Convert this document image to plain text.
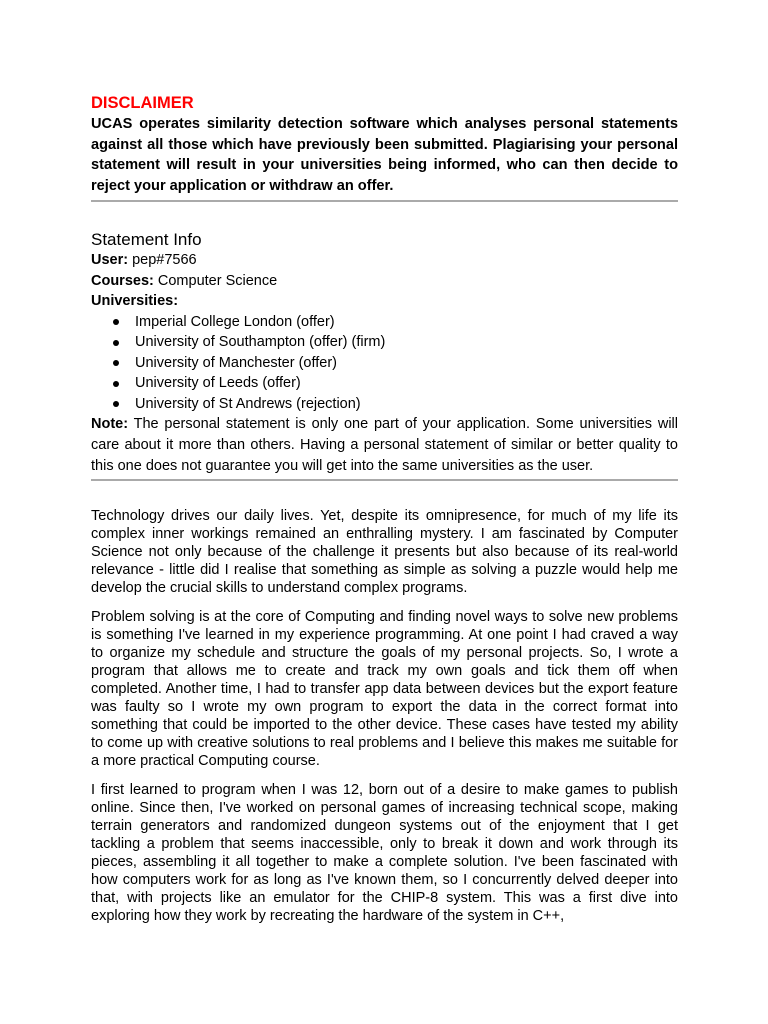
DISCLAIMER

UCAS operates similarity detection software which analyses personal statements against all those which have previously been submitted. Plagiarising your personal statement will result in your universities being informed, who can then decide to reject your application or withdraw an offer.

Statement Info

User: pep#7566

Courses: Computer Science

Universities:

Imperial College London (offer)
University of Southampton (offer) (firm)
University of Manchester (offer)
University of Leeds (offer)
University of St Andrews (rejection)

Note: The personal statement is only one part of your application. Some universities will care about it more than others. Having a personal statement of similar or better quality to this one does not guarantee you will get into the same universities as the user.

Technology drives our daily lives. Yet, despite its omnipresence, for much of my life its complex inner workings remained an enthralling mystery. I am fascinated by Computer Science not only because of the challenge it presents but also because of its real-world relevance - little did I realise that something as simple as solving a puzzle would help me develop the crucial skills to understand complex programs.

Problem solving is at the core of Computing and finding novel ways to solve new problems is something I've learned in my experience programming. At one point I had craved a way to organize my schedule and structure the goals of my personal projects. So, I wrote a program that allows me to create and track my own goals and tick them off when completed. Another time, I had to transfer app data between devices but the export feature was faulty so I wrote my own program to export the data in the correct format into something that could be imported to the other device. These cases have tested my ability to come up with creative solutions to real problems and I believe this makes me suitable for a more practical Computing course.

I first learned to program when I was 12, born out of a desire to make games to publish online. Since then, I've worked on personal games of increasing technical scope, making terrain generators and randomized dungeon systems out of the enjoyment that I get tackling a problem that seems inaccessible, only to break it down and work through its pieces, assembling it all together to make a complete solution. I've been fascinated with how computers work for as long as I've known them, so I concurrently delved deeper into that, with projects like an emulator for the CHIP-8 system. This was a first dive into exploring how they work by recreating the hardware of the system in C++,
